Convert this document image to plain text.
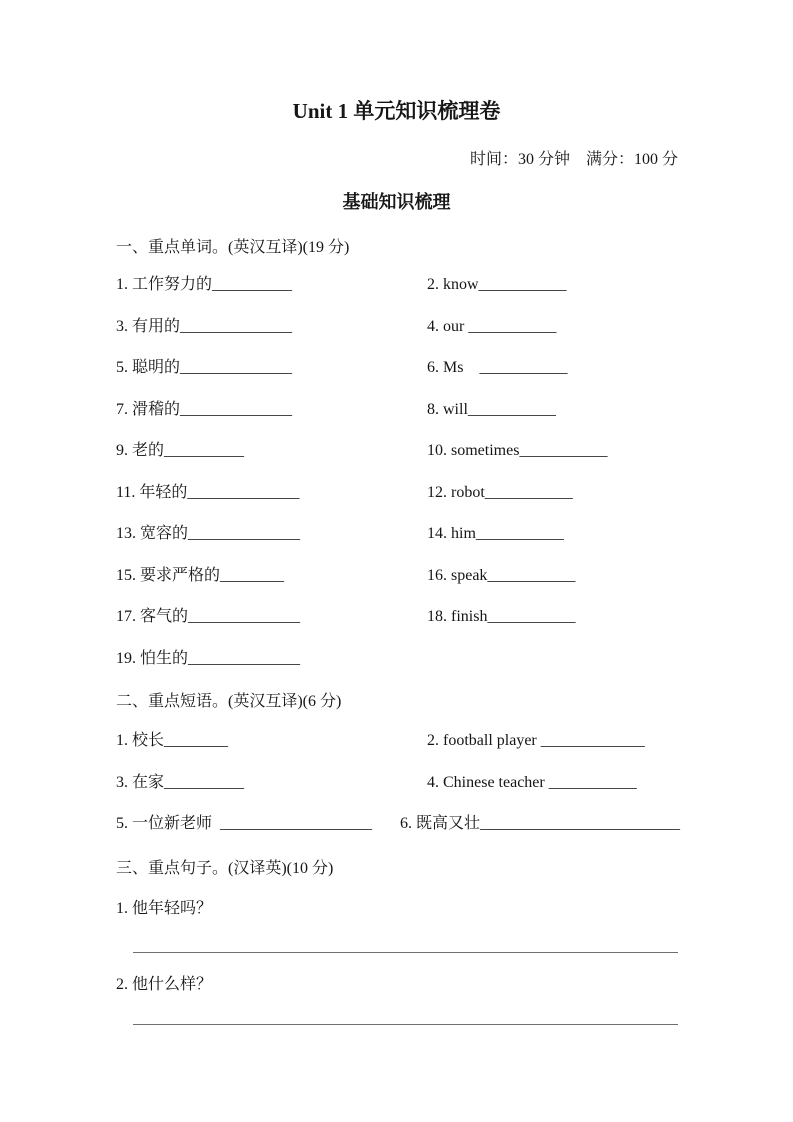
Unit 1 单元知识梳理卷
时间：30 分钟　满分：100 分
基础知识梳理
一、重点单词。(英汉互译)(19 分)
1. 工作努力的__________	2. know___________
3. 有用的______________	4. our ___________
5. 聪明的______________	6. Ms　___________
7. 滑稽的______________	8. will___________
9. 老的__________	10. sometimes___________
11. 年轻的______________	12. robot___________
13. 宽容的______________	14. him___________
15. 要求严格的________	16. speak___________
17. 客气的______________	18. finish___________
19. 怕生的______________
二、重点短语。(英汉互译)(6 分)
1. 校长________	2. football player _____________
3. 在家__________	4. Chinese teacher ___________
5. 一位新老师  ___________________	6. 既高又壮_________________________
三、重点句子。(汉译英)(10 分)
1. 他年轻吗？
2. 他什么样？
